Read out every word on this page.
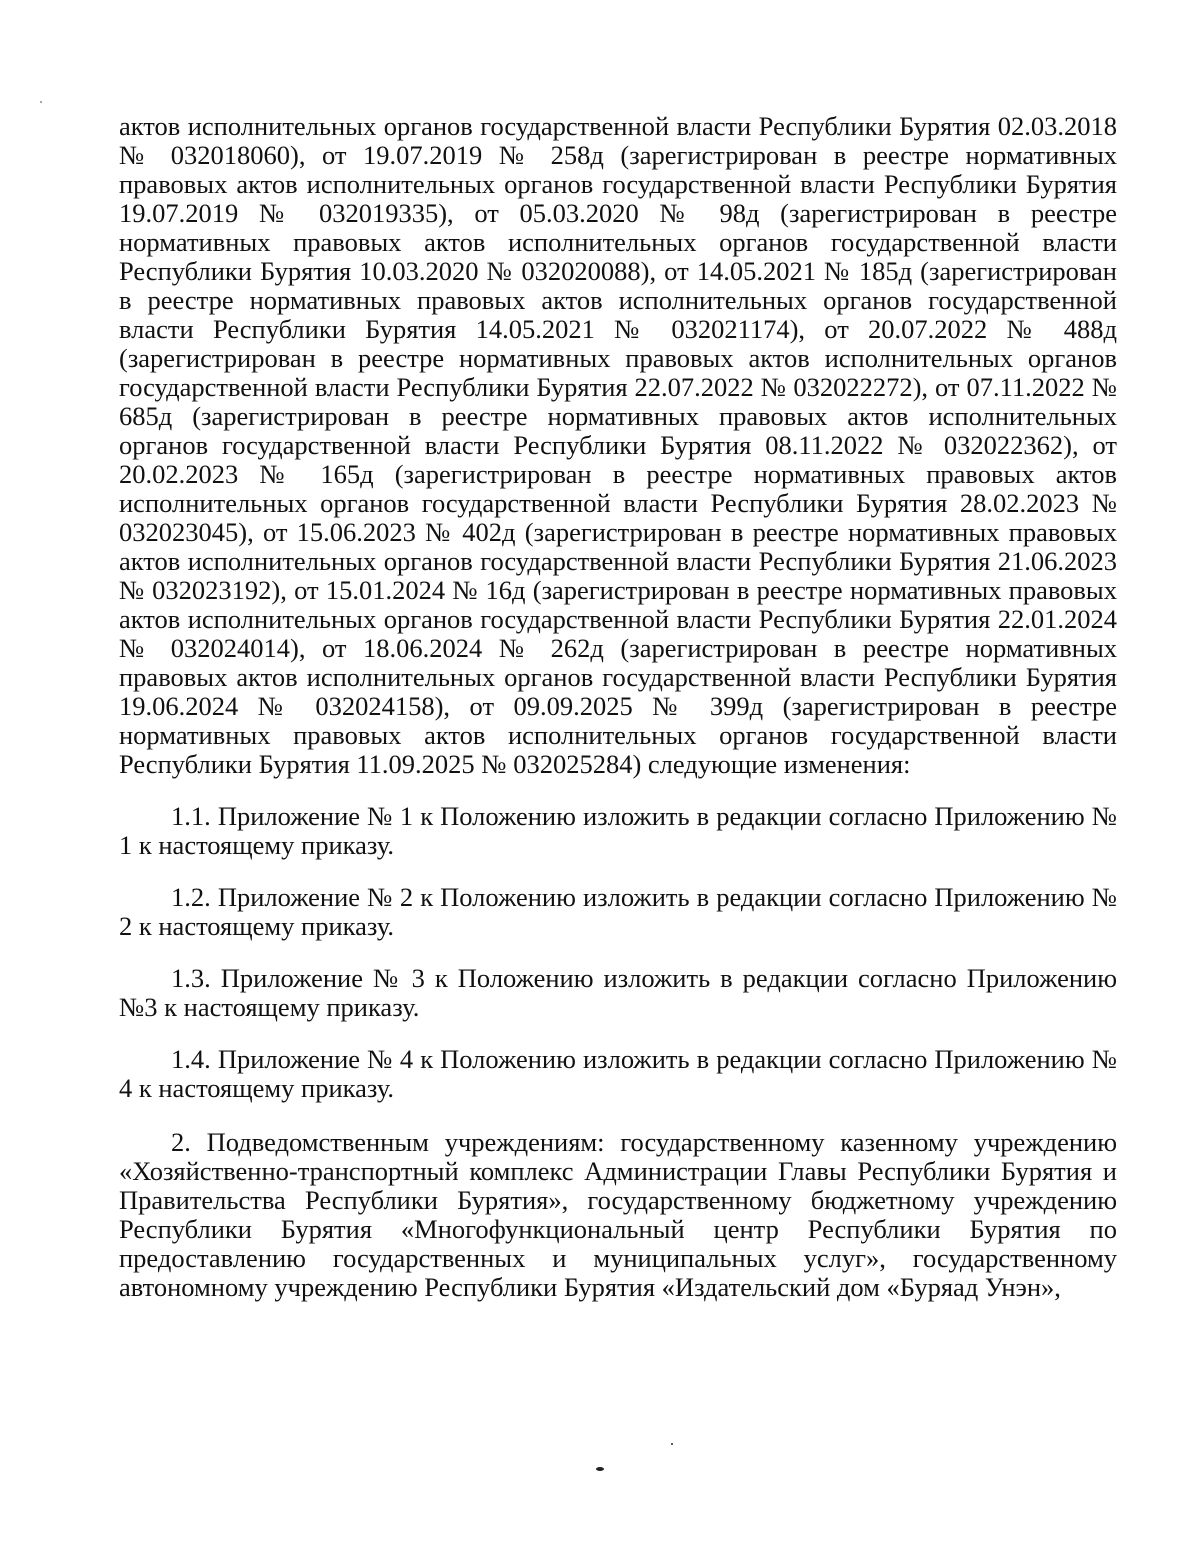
актов исполнительных органов государственной власти Республики Бурятия 02.03.2018 № 032018060), от 19.07.2019 № 258д (зарегистрирован в реестре нормативных правовых актов исполнительных органов государственной власти Республики Бурятия 19.07.2019 № 032019335), от 05.03.2020 № 98д (зарегистрирован в реестре нормативных правовых актов исполнительных органов государственной власти Республики Бурятия 10.03.2020 № 032020088), от 14.05.2021 № 185д (зарегистрирован в реестре нормативных правовых актов исполнительных органов государственной власти Республики Бурятия 14.05.2021 № 032021174), от 20.07.2022 № 488д (зарегистрирован в реестре нормативных правовых актов исполнительных органов государственной власти Республики Бурятия 22.07.2022 № 032022272), от 07.11.2022 № 685д (зарегистрирован в реестре нормативных правовых актов исполнительных органов государственной власти Республики Бурятия 08.11.2022 № 032022362), от 20.02.2023 № 165д (зарегистрирован в реестре нормативных правовых актов исполнительных органов государственной власти Республики Бурятия 28.02.2023 № 032023045), от 15.06.2023 № 402д (зарегистрирован в реестре нормативных правовых актов исполнительных органов государственной власти Республики Бурятия 21.06.2023 № 032023192), от 15.01.2024 № 16д (зарегистрирован в реестре нормативных правовых актов исполнительных органов государственной власти Республики Бурятия 22.01.2024 № 032024014), от 18.06.2024 № 262д (зарегистрирован в реестре нормативных правовых актов исполнительных органов государственной власти Республики Бурятия 19.06.2024 № 032024158), от 09.09.2025 № 399д (зарегистрирован в реестре нормативных правовых актов исполнительных органов государственной власти Республики Бурятия 11.09.2025 № 032025284) следующие изменения:

1.1. Приложение № 1 к Положению изложить в редакции согласно Приложению № 1 к настоящему приказу.

1.2. Приложение № 2 к Положению изложить в редакции согласно Приложению № 2 к настоящему приказу.

1.3. Приложение № 3 к Положению изложить в редакции согласно Приложению №3 к настоящему приказу.

1.4. Приложение № 4 к Положению изложить в редакции согласно Приложению № 4 к настоящему приказу.

2. Подведомственным учреждениям: государственному казенному учреждению «Хозяйственно-транспортный комплекс Администрации Главы Республики Бурятия и Правительства Республики Бурятия», государственному бюджетному учреждению Республики Бурятия «Многофункциональный центр Республики Бурятия по предоставлению государственных и муниципальных услуг», государственному автономному учреждению Республики Бурятия «Издательский дом «Буряад Унэн»,
